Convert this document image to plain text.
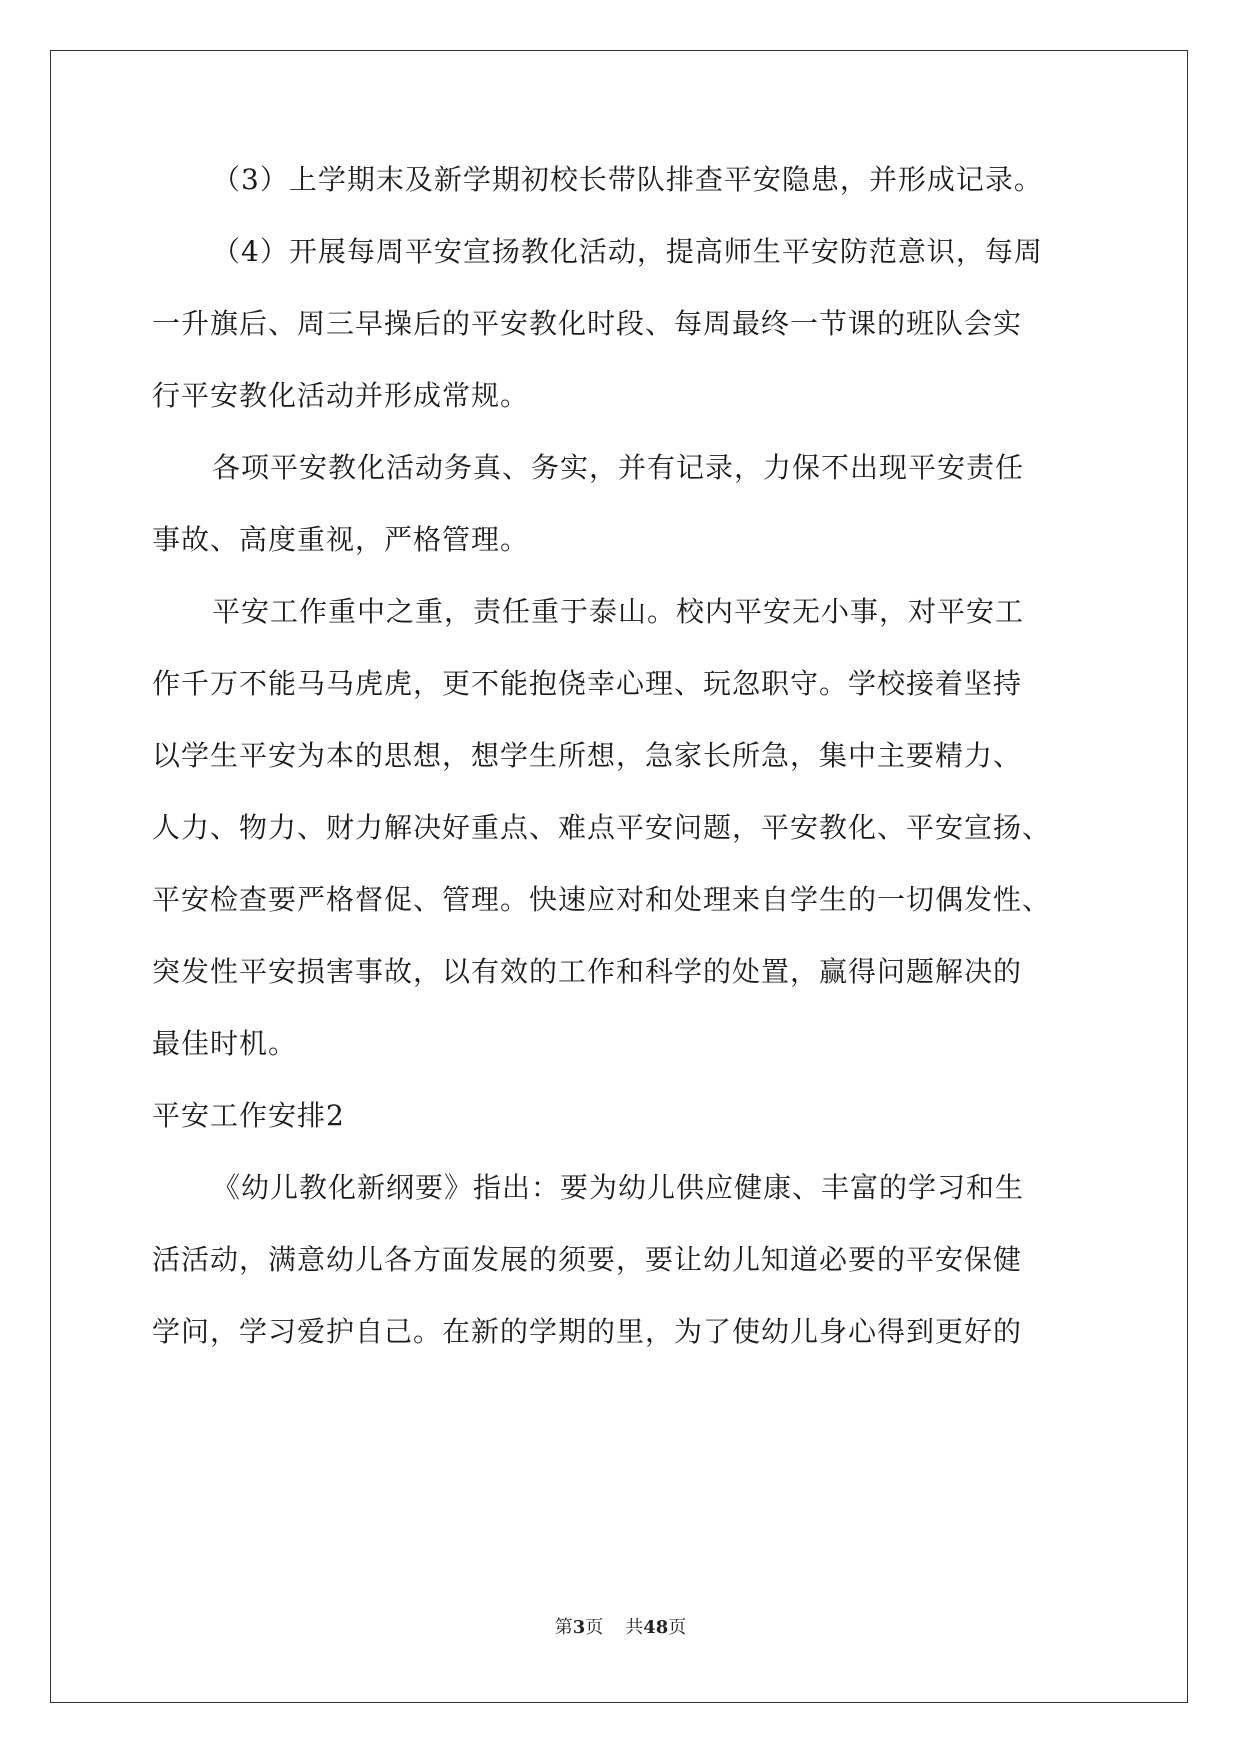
（3）上学期末及新学期初校长带队排查平安隐患，并形成记录。
（4）开展每周平安宣扬教化活动，提高师生平安防范意识，每周
一升旗后、周三早操后的平安教化时段、每周最终一节课的班队会实
行平安教化活动并形成常规。
各项平安教化活动务真、务实，并有记录，力保不出现平安责任
事故、高度重视，严格管理。
平安工作重中之重，责任重于泰山。校内平安无小事，对平安工
作千万不能马马虎虎，更不能抱侥幸心理、玩忽职守。学校接着坚持
以学生平安为本的思想，想学生所想，急家长所急，集中主要精力、
人力、物力、财力解决好重点、难点平安问题，平安教化、平安宣扬、
平安检查要严格督促、管理。快速应对和处理来自学生的一切偶发性、
突发性平安损害事故，以有效的工作和科学的处置，赢得问题解决的
最佳时机。
平安工作安排2
《幼儿教化新纲要》指出：要为幼儿供应健康、丰富的学习和生
活活动，满意幼儿各方面发展的须要，要让幼儿知道必要的平安保健
学问，学习爱护自己。在新的学期的里，为了使幼儿身心得到更好的
第3页 共48页
